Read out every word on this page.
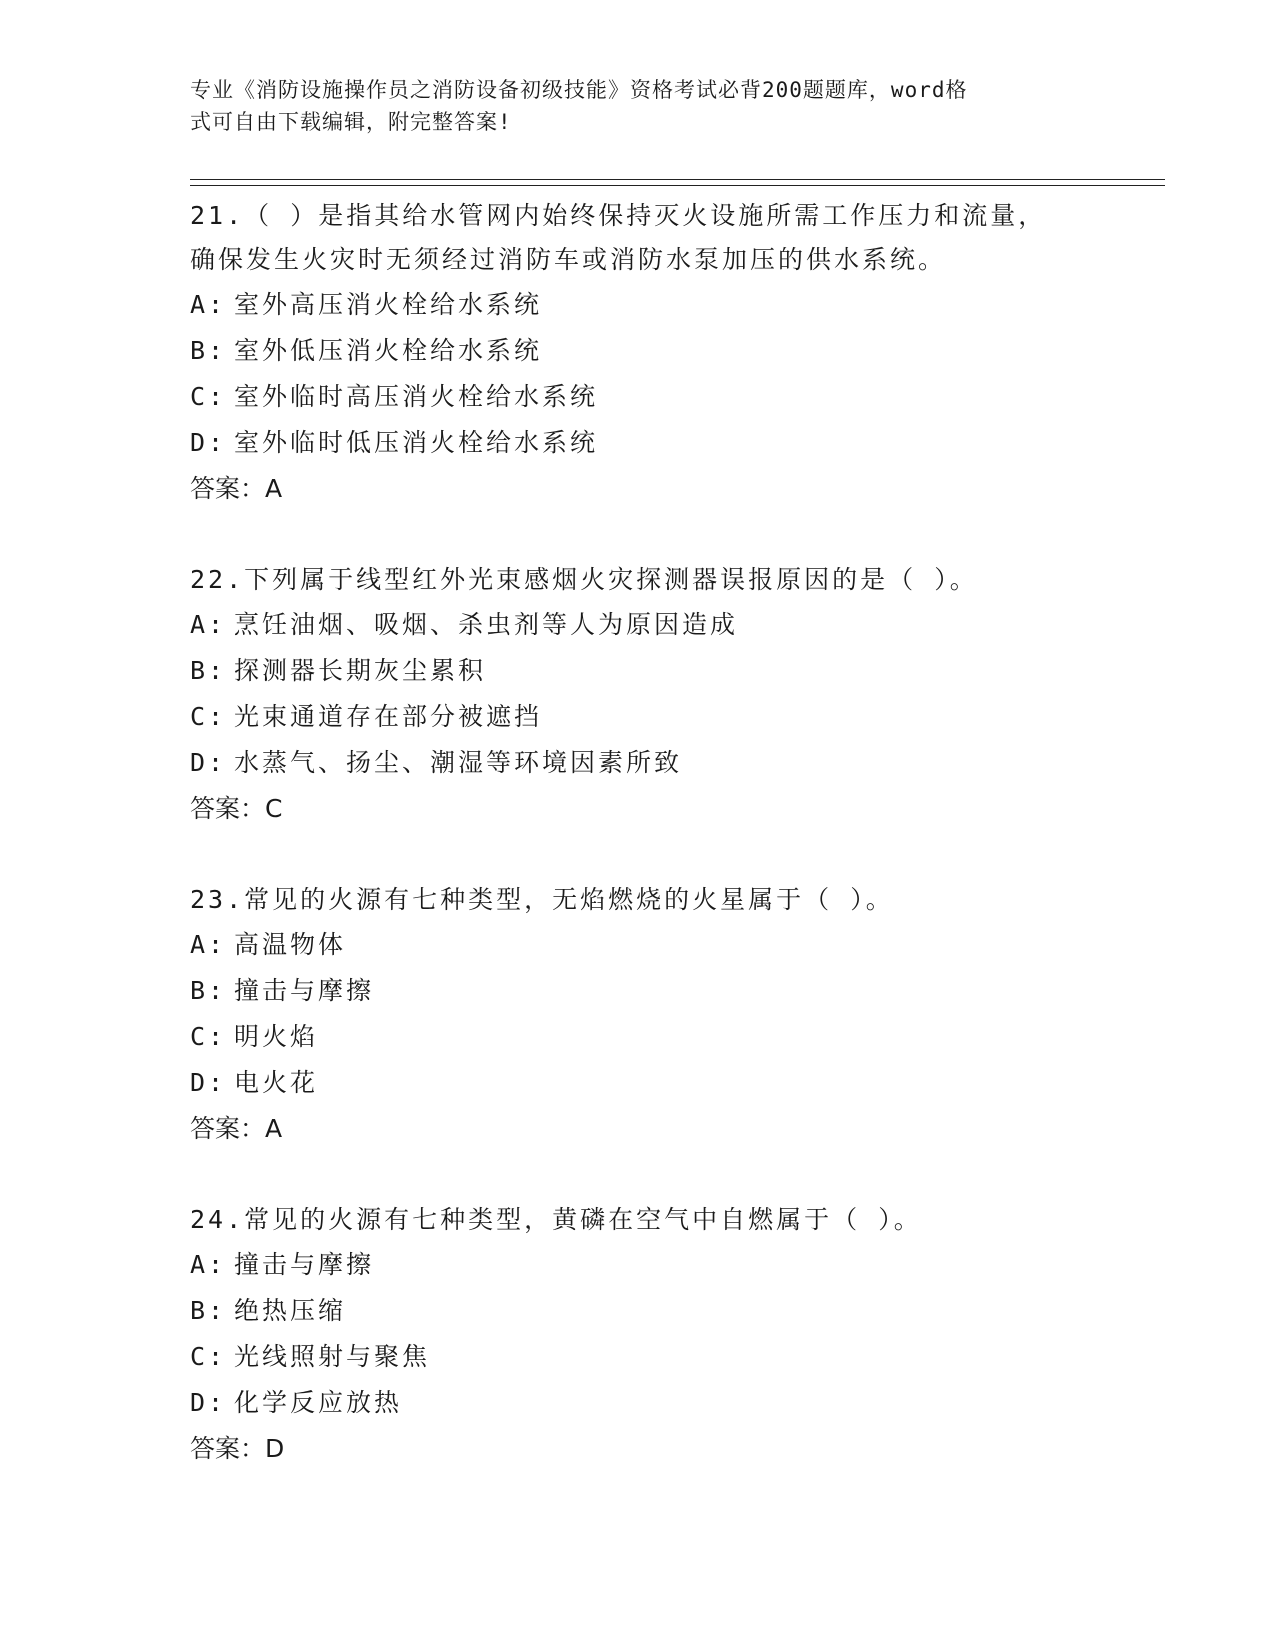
专业《消防设施操作员之消防设备初级技能》资格考试必背200题题库，word格
式可自由下载编辑，附完整答案!
21.（ ）是指其给水管网内始终保持灭火设施所需工作压力和流量，
确保发生火灾时无须经过消防车或消防水泵加压的供水系统。
A: 室外高压消火栓给水系统
B: 室外低压消火栓给水系统
C: 室外临时高压消火栓给水系统
D: 室外临时低压消火栓给水系统
答案：A
22.下列属于线型红外光束感烟火灾探测器误报原因的是（ ）。
A: 烹饪油烟、吸烟、杀虫剂等人为原因造成
B: 探测器长期灰尘累积
C: 光束通道存在部分被遮挡
D: 水蒸气、扬尘、潮湿等环境因素所致
答案：C
23.常见的火源有七种类型，无焰燃烧的火星属于（ ）。
A: 高温物体
B: 撞击与摩擦
C: 明火焰
D: 电火花
答案：A
24.常见的火源有七种类型，黄磷在空气中自燃属于（ ）。
A: 撞击与摩擦
B: 绝热压缩
C: 光线照射与聚焦
D: 化学反应放热
答案：D
